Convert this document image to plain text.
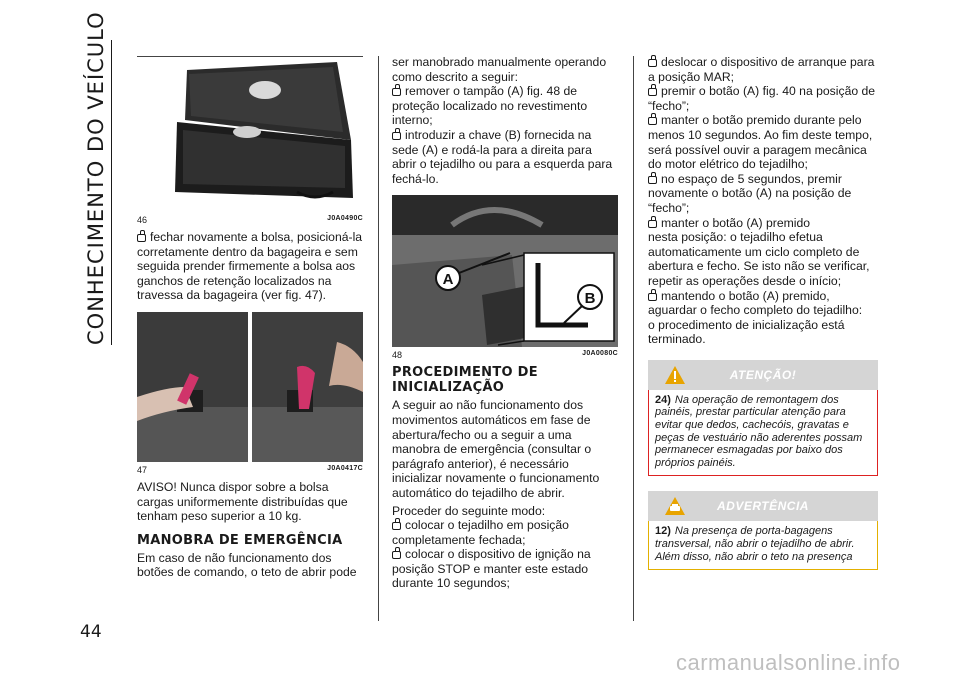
CONHECIMENTO DO VEÍCULO
44
46	J0A0490C

fechar novamente a bolsa, posicioná-la corretamente dentro da bagageira e sem seguida prender firmemente a bolsa aos ganchos de retenção localizados na travessa da bagageira (ver fig. 47).

47	J0A0417C

AVISO! Nunca dispor sobre a bolsa cargas uniformemente distribuídas que tenham peso superior a 10 kg.

MANOBRA DE EMERGÊNCIA

Em caso de não funcionamento dos botões de comando, o teto de abrir pode

ser manobrado manualmente operando como descrito a seguir:

remover o tampão (A) fig. 48 de proteção localizado no revestimento interno;

introduzir a chave (B) fornecida na sede (A) e rodá-la para a direita para abrir o tejadilho ou para a esquerda para fechá-lo.

A
B
48	J0A0080C
PROCEDIMENTO DE INICIALIZAÇÃO

A seguir ao não funcionamento dos movimentos automáticos em fase de abertura/fecho ou a seguir a uma manobra de emergência (consultar o parágrafo anterior), é necessário inicializar novamente o funcionamento automático do tejadilho de abrir.

Proceder do seguinte modo:

colocar o tejadilho em posição completamente fechada;

colocar o dispositivo de ignição na posição STOP e manter este estado durante 10 segundos;

deslocar o dispositivo de arranque para a posição MAR;

premir o botão (A) fig. 40 na posição de “fecho”;

manter o botão premido durante pelo menos 10 segundos. Ao fim deste tempo, será possível ouvir a paragem mecânica do motor elétrico do tejadilho;

no espaço de 5 segundos, premir novamente o botão (A) na posição de “fecho”;

manter o botão (A) premido

nesta posição: o tejadilho efetua automaticamente um ciclo completo de abertura e fecho. Se isto não se verificar, repetir as operações desde o início;

mantendo o botão (A) premido,

aguardar o fecho completo do tejadilho:

o procedimento de inicialização está terminado.

ATENÇÃO!
24) Na operação de remontagem dos painéis, prestar particular atenção para evitar que dedos, cachecóis, gravatas e peças de vestuário não aderentes possam permanecer esmagadas por baixo dos próprios painéis.
ADVERTÊNCIA
12) Na presença de porta-bagagens transversal, não abrir o tejadilho de abrir. Além disso, não abrir o teto na presença
carmanualsonline.info
